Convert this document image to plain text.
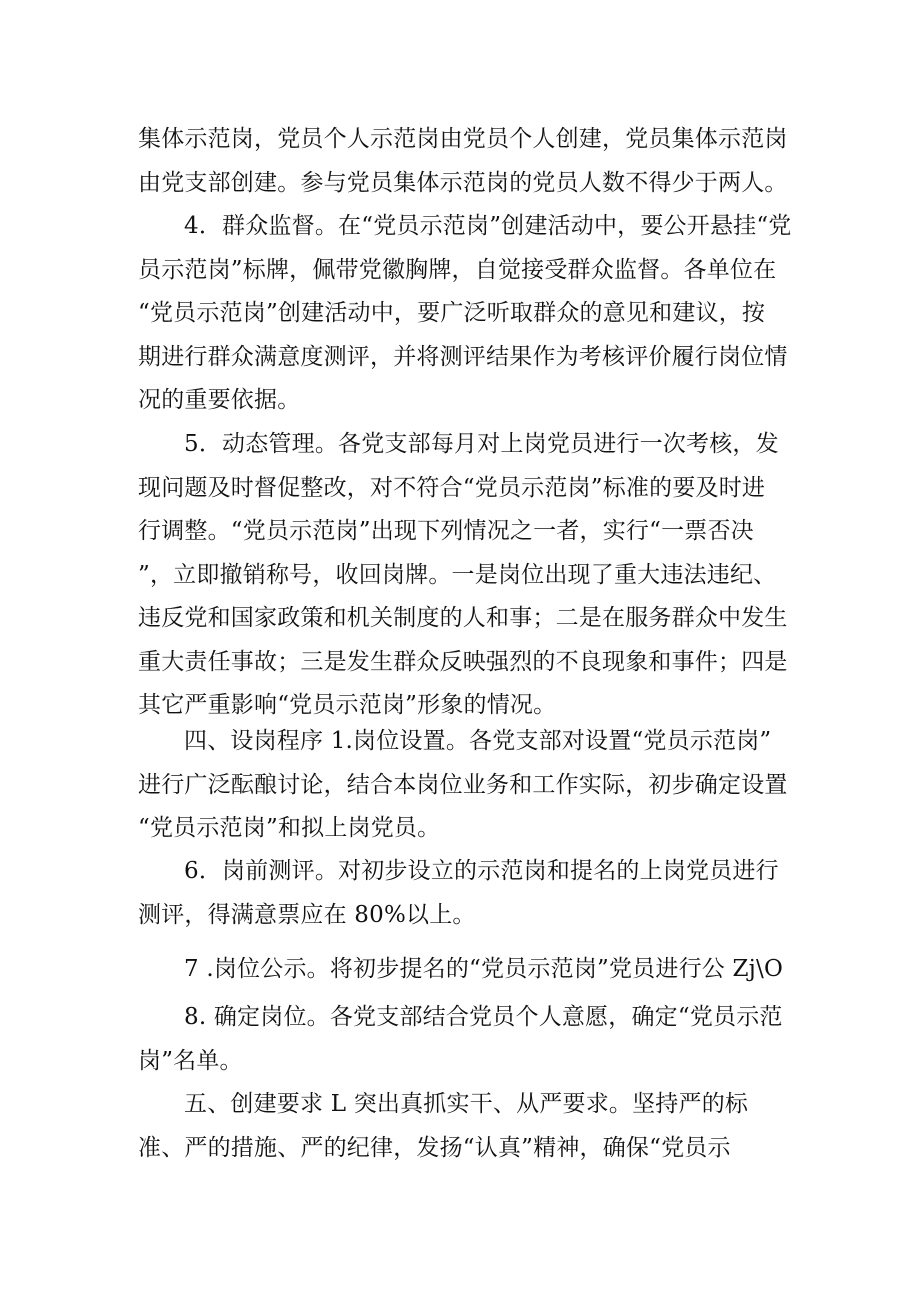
集体示范岗，党员个人示范岗由党员个人创建，党员集体示范岗
由党支部创建。参与党员集体示范岗的党员人数不得少于两人。
4．群众监督。在“党员示范岗”创建活动中，要公开悬挂“党
员示范岗”标牌，佩带党徽胸牌，自觉接受群众监督。各单位在
“党员示范岗”创建活动中，要广泛听取群众的意见和建议，按
期进行群众满意度测评，并将测评结果作为考核评价履行岗位情
况的重要依据。
5．动态管理。各党支部每月对上岗党员进行一次考核，发
现问题及时督促整改，对不符合“党员示范岗”标准的要及时进
行调整。“党员示范岗”出现下列情况之一者，实行“一票否决
”，立即撤销称号，收回岗牌。一是岗位出现了重大违法违纪、
违反党和国家政策和机关制度的人和事；二是在服务群众中发生
重大责任事故；三是发生群众反映强烈的不良现象和事件；四是
其它严重影响“党员示范岗”形象的情况。
四、设岗程序 1.岗位设置。各党支部对设置“党员示范岗”
进行广泛酝酿讨论，结合本岗位业务和工作实际，初步确定设置
“党员示范岗”和拟上岗党员。
6．岗前测评。对初步设立的示范岗和提名的上岗党员进行
测评，得满意票应在 80%以上。
7 .岗位公示。将初步提名的“党员示范岗”党员进行公 Zj\O
8. 确定岗位。各党支部结合党员个人意愿，确定“党员示范
岗”名单。
五、创建要求 L 突出真抓实干、从严要求。坚持严的标
准、严的措施、严的纪律，发扬“认真”精神，确保“党员示
